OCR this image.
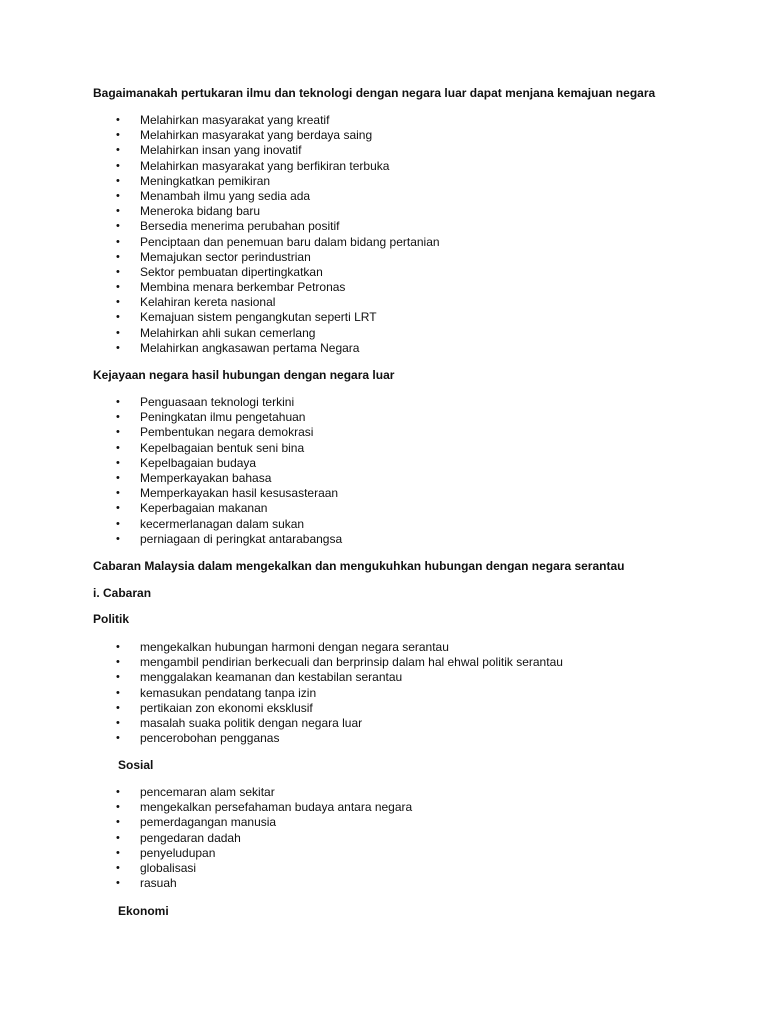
Bagaimanakah pertukaran ilmu dan teknologi dengan negara luar dapat menjana kemajuan negara
• Melahirkan masyarakat yang kreatif
• Melahirkan masyarakat yang berdaya saing
• Melahirkan insan yang inovatif
• Melahirkan masyarakat yang berfikiran terbuka
• Meningkatkan pemikiran
• Menambah ilmu yang sedia ada
• Meneroka bidang baru
• Bersedia menerima perubahan positif
• Penciptaan dan penemuan baru dalam bidang pertanian
• Memajukan sector perindustrian
• Sektor pembuatan dipertingkatkan
• Membina menara berkembar Petronas
• Kelahiran kereta nasional
• Kemajuan sistem pengangkutan seperti LRT
• Melahirkan ahli sukan cemerlang
• Melahirkan angkasawan pertama Negara
Kejayaan negara hasil hubungan dengan negara luar
• Penguasaan teknologi terkini
• Peningkatan ilmu pengetahuan
• Pembentukan negara demokrasi
• Kepelbagaian bentuk seni bina
• Kepelbagaian budaya
• Memperkayakan bahasa
• Memperkayakan hasil kesusasteraan
• Keperbagaian makanan
• kecermerlanagan dalam sukan
• perniagaan di peringkat antarabangsa
Cabaran Malaysia dalam mengekalkan dan mengukuhkan hubungan dengan negara serantau
i. Cabaran
Politik
• mengekalkan hubungan harmoni dengan negara serantau
• mengambil pendirian berkecuali dan berprinsip dalam hal ehwal politik serantau
• menggalakan keamanan dan kestabilan serantau
• kemasukan pendatang tanpa izin
• pertikaian zon ekonomi eksklusif
• masalah suaka politik dengan negara luar
• pencerobohan pengganas
Sosial
• pencemaran alam sekitar
• mengekalkan persefahaman budaya antara negara
• pemerdagangan manusia
• pengedaran dadah
• penyeludupan
• globalisasi
• rasuah
Ekonomi
